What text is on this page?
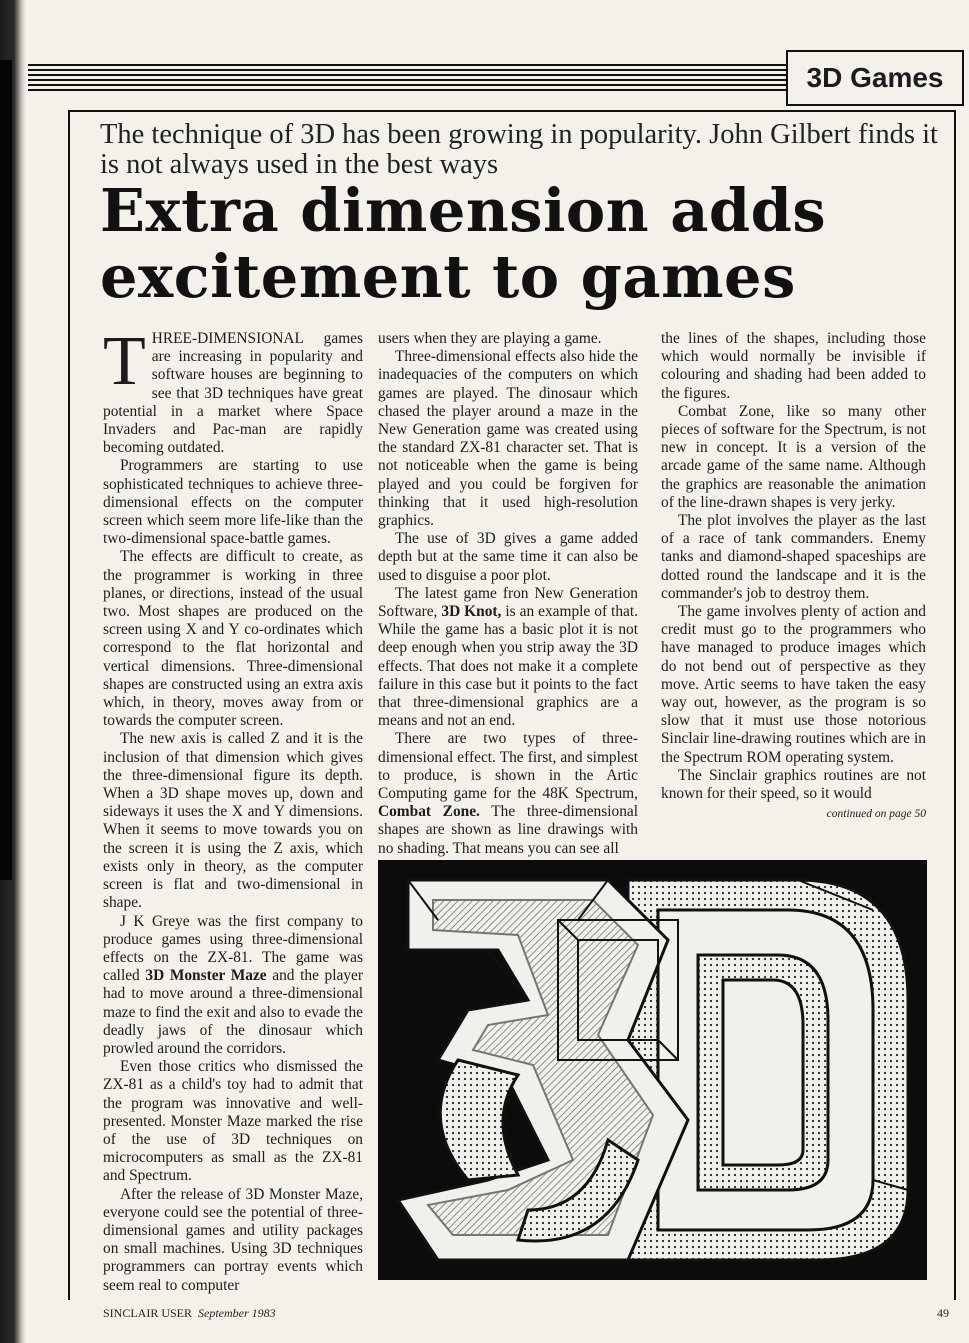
3D Games
The technique of 3D has been growing in popularity. John Gilbert finds it is not always used in the best ways
Extra dimension adds excitement to games

THREE-DIMENSIONAL games are increasing in popularity and software houses are beginning to see that 3D techniques have great potential in a market where Space Invaders and Pac-man are rapidly becoming outdated.

Programmers are starting to use sophisticated techniques to achieve three-dimensional effects on the computer screen which seem more life-like than the two-dimensional space-battle games.

The effects are difficult to create, as the programmer is working in three planes, or directions, instead of the usual two. Most shapes are produced on the screen using X and Y co-ordinates which correspond to the flat horizontal and vertical dimensions. Three-dimensional shapes are constructed using an extra axis which, in theory, moves away from or towards the computer screen.

The new axis is called Z and it is the inclusion of that dimension which gives the three-dimensional figure its depth. When a 3D shape moves up, down and sideways it uses the X and Y dimensions. When it seems to move towards you on the screen it is using the Z axis, which exists only in theory, as the computer screen is flat and two-dimensional in shape.

J K Greye was the first company to produce games using three-dimensional effects on the ZX-81. The game was called 3D Monster Maze and the player had to move around a three-dimensional maze to find the exit and also to evade the deadly jaws of the dinosaur which prowled around the corridors.

Even those critics who dismissed the ZX-81 as a child's toy had to admit that the program was innovative and well-presented. Monster Maze marked the rise of the use of 3D techniques on microcomputers as small as the ZX-81 and Spectrum.

After the release of 3D Monster Maze, everyone could see the potential of three-dimensional games and utility packages on small machines. Using 3D techniques programmers can portray events which seem real to computer

users when they are playing a game.

Three-dimensional effects also hide the inadequacies of the computers on which games are played. The dinosaur which chased the player around a maze in the New Generation game was created using the standard ZX-81 character set. That is not noticeable when the game is being played and you could be forgiven for thinking that it used high-resolution graphics.

The use of 3D gives a game added depth but at the same time it can also be used to disguise a poor plot.

The latest game fron New Generation Software, 3D Knot, is an example of that. While the game has a basic plot it is not deep enough when you strip away the 3D effects. That does not make it a complete failure in this case but it points to the fact that three-dimensional graphics are a means and not an end.

There are two types of three-dimensional effect. The first, and simplest to produce, is shown in the Artic Computing game for the 48K Spectrum, Combat Zone. The three-dimensional shapes are shown as line drawings with no shading. That means you can see all

the lines of the shapes, including those which would normally be invisible if colouring and shading had been added to the figures.

Combat Zone, like so many other pieces of software for the Spectrum, is not new in concept. It is a version of the arcade game of the same name. Although the graphics are reasonable the animation of the line-drawn shapes is very jerky.

The plot involves the player as the last of a race of tank commanders. Enemy tanks and diamond-shaped spaceships are dotted round the landscape and it is the commander's job to destroy them.

The game involves plenty of action and credit must go to the programmers who have managed to produce images which do not bend out of perspective as they move. Artic seems to have taken the easy way out, however, as the program is so slow that it must use those notorious Sinclair line-drawing routines which are in the Spectrum ROM operating system.

The Sinclair graphics routines are not known for their speed, so it would

continued on page 50
SINCLAIR USER September 1983	49
